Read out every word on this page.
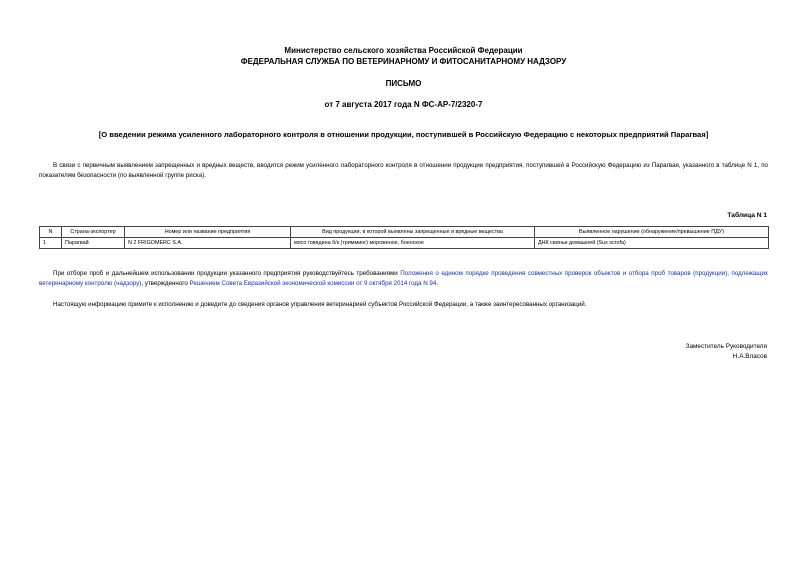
Министерство сельского хозяйства Российской Федерации
ФЕДЕРАЛЬНАЯ СЛУЖБА ПО ВЕТЕРИНАРНОМУ И ФИТОСАНИТАРНОМУ НАДЗОРУ
ПИСЬМО
от 7 августа 2017 года N ФС-АР-7/2320-7
[О введении режима усиленного лабораторного контроля в отношении продукции, поступившей в Российскую Федерацию с некоторых предприятий Парагвая]
В связи с первичным выявлением запрещенных и вредных веществ, вводится режим усиленного лабораторного контроля в отношении продукции предприятия, поступившей в Российскую Федерацию из Парагвая, указанного в таблице N 1, по показателям безопасности (по выявленной группе риска).
Таблица N 1
N	Страна-экспортер	Номер или название предприятия	Вид продукции, в которой выявлены запрещенные и вредные вещества	Выявленное нарушение (обнаружение/превышение ПДУ)
1	Парагвай	N 2 FRIGOMERC S.A.	мясо говядина б/к (тримминг) мороженое, боенское	ДНК свиньи домашней (Sus scrofa)
При отборе проб и дальнейшем использовании продукции указанного предприятия руководствуйтесь требованиями Положения о едином порядке проведения совместных проверок объектов и отбора проб товаров (продукции), подлежащих ветеринарному контролю (надзору), утвержденного Решением Совета Евразийской экономической комиссии от 9 октября 2014 года N 94.
Настоящую информацию примите к исполнению и доведите до сведения органов управления ветеринарией субъектов Российской Федерации, а также заинтересованных организаций.
Заместитель Руководителя
Н.А.Власов
